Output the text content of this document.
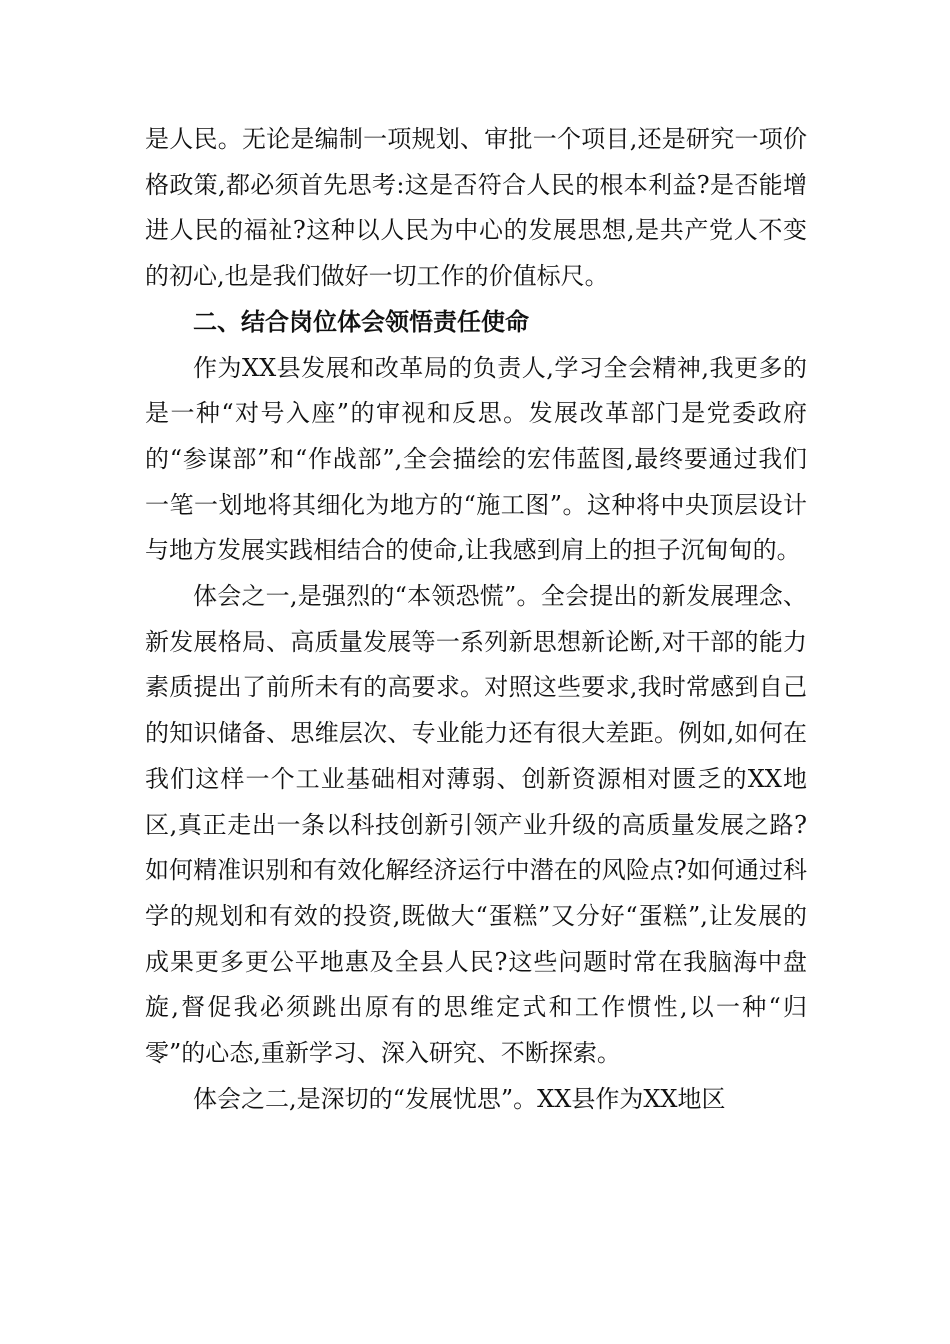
是人民。无论是编制一项规划、审批一个项目,还是研究一项价格政策,都必须首先思考:这是否符合人民的根本利益?是否能增进人民的福祉?这种以人民为中心的发展思想,是共产党人不变的初心,也是我们做好一切工作的价值标尺。

二、结合岗位体会领悟责任使命

作为XX县发展和改革局的负责人,学习全会精神,我更多的是一种“对号入座”的审视和反思。发展改革部门是党委政府的“参谋部”和“作战部”,全会描绘的宏伟蓝图,最终要通过我们一笔一划地将其细化为地方的“施工图”。这种将中央顶层设计与地方发展实践相结合的使命,让我感到肩上的担子沉甸甸的。

体会之一,是强烈的“本领恐慌”。全会提出的新发展理念、新发展格局、高质量发展等一系列新思想新论断,对干部的能力素质提出了前所未有的高要求。对照这些要求,我时常感到自己的知识储备、思维层次、专业能力还有很大差距。例如,如何在我们这样一个工业基础相对薄弱、创新资源相对匮乏的XX地区,真正走出一条以科技创新引领产业升级的高质量发展之路?如何精准识别和有效化解经济运行中潜在的风险点?如何通过科学的规划和有效的投资,既做大“蛋糕”又分好“蛋糕”,让发展的成果更多更公平地惠及全县人民?这些问题时常在我脑海中盘旋,督促我必须跳出原有的思维定式和工作惯性,以一种“归零”的心态,重新学习、深入研究、不断探索。

体会之二,是深切的“发展忧思”。XX县作为XX地区
